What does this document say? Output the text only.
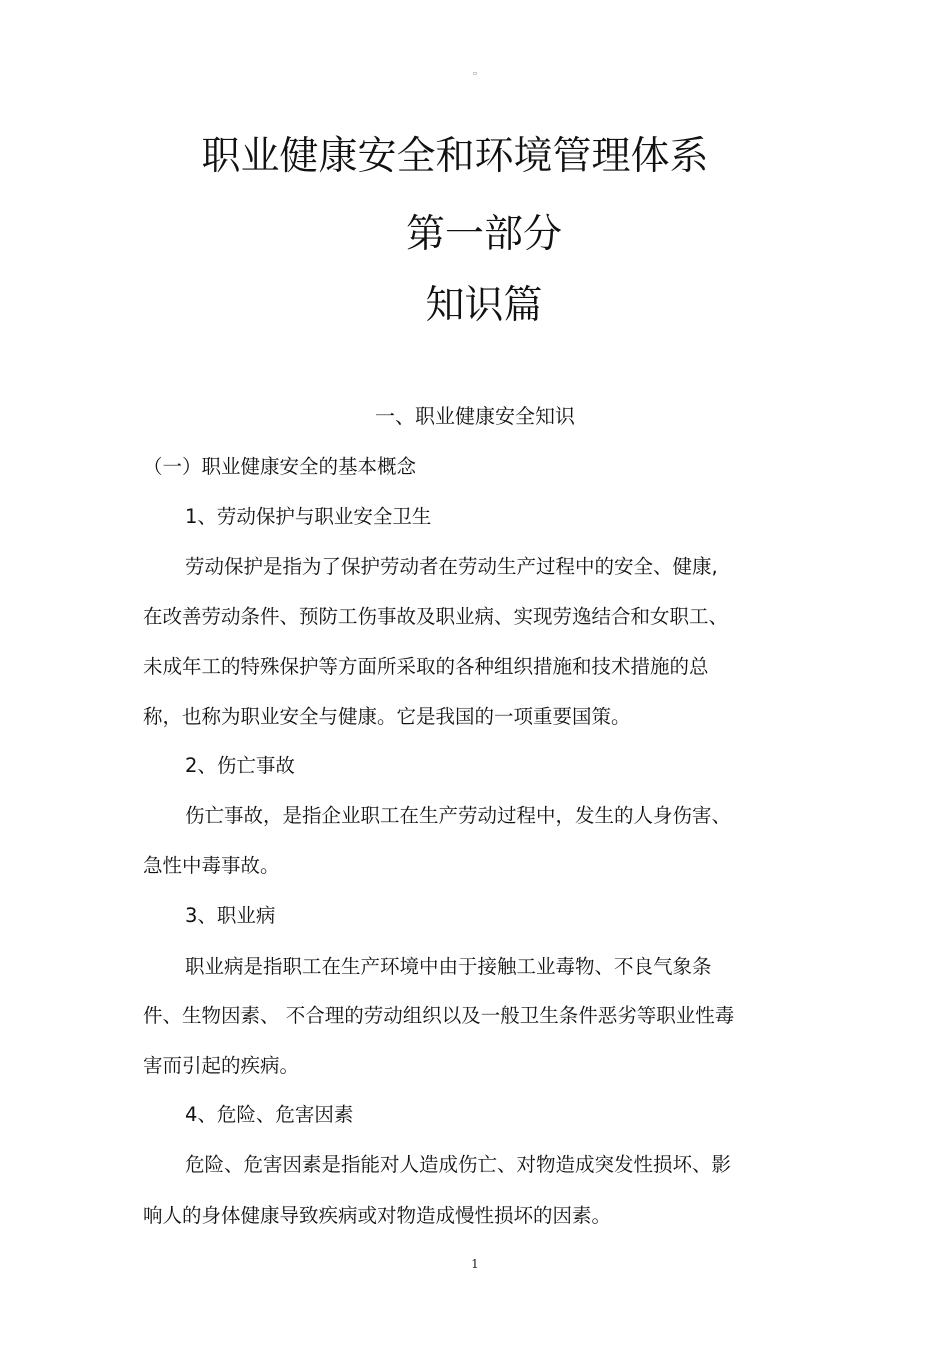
▫
职业健康安全和环境管理体系
第一部分
知识篇
一、职业健康安全知识
（一）职业健康安全的基本概念
1、劳动保护与职业安全卫生
劳动保护是指为了保护劳动者在劳动生产过程中的安全、健康,
在改善劳动条件、预防工伤事故及职业病、实现劳逸结合和女职工、
未成年工的特殊保护等方面所采取的各种组织措施和技术措施的总
称，也称为职业安全与健康。它是我国的一项重要国策。
2、伤亡事故
伤亡事故，是指企业职工在生产劳动过程中，发生的人身伤害、
急性中毒事故。
3、职业病
职业病是指职工在生产环境中由于接触工业毒物、不良气象条
件、生物因素、 不合理的劳动组织以及一般卫生条件恶劣等职业性毒
害而引起的疾病。
4、危险、危害因素
危险、危害因素是指能对人造成伤亡、对物造成突发性损坏、影
响人的身体健康导致疾病或对物造成慢性损坏的因素。
1
